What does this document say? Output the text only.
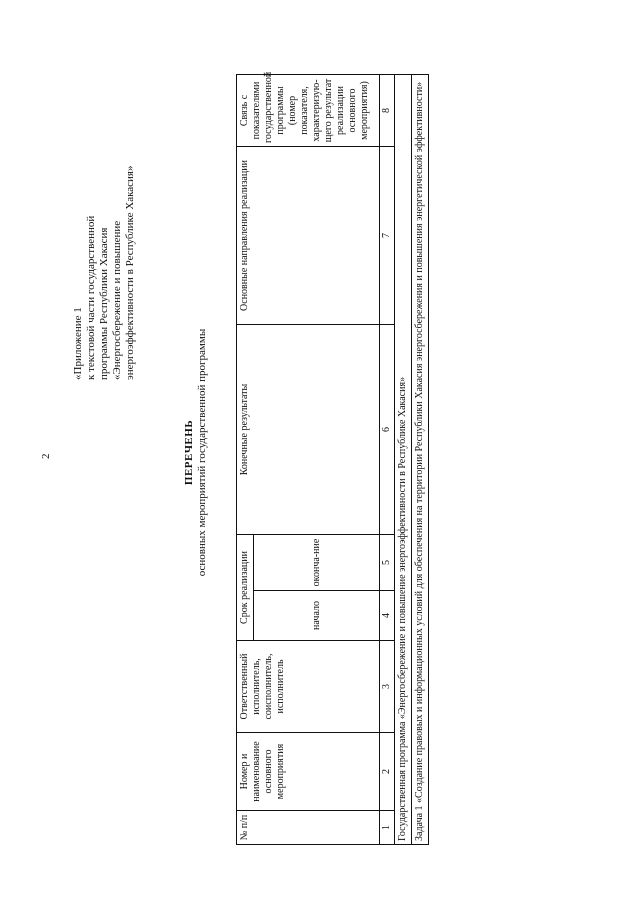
2
«Приложение 1 к текстовой части государственной программы Республики Хакасия «Энергосбережение и повышение энергоэффективности в Республике Хакасия»
ПЕРЕЧЕНЬ основных мероприятий государственной программы
№ п/п	Номер и наименование основного мероприятия	Ответственный исполнитель, соисполнитель, исполнитель	Срок реализации		Конечные результаты	Основные направления реализации	Связь с показателями государственной программы (номер показателя, характеризую-щего результат реализации основного мероприятия)
			начало	оконча-ние			
1	2	3	4	5	6	7	8
Государственная программа «Энергосбережение и повышение энергоэффективности в Республике Хакасия»							
Задача 1 «Создание правовых и информационных условий для обеспечения на территории Республики Хакасия энергосбережения и повышения энергетической эффективности»							
